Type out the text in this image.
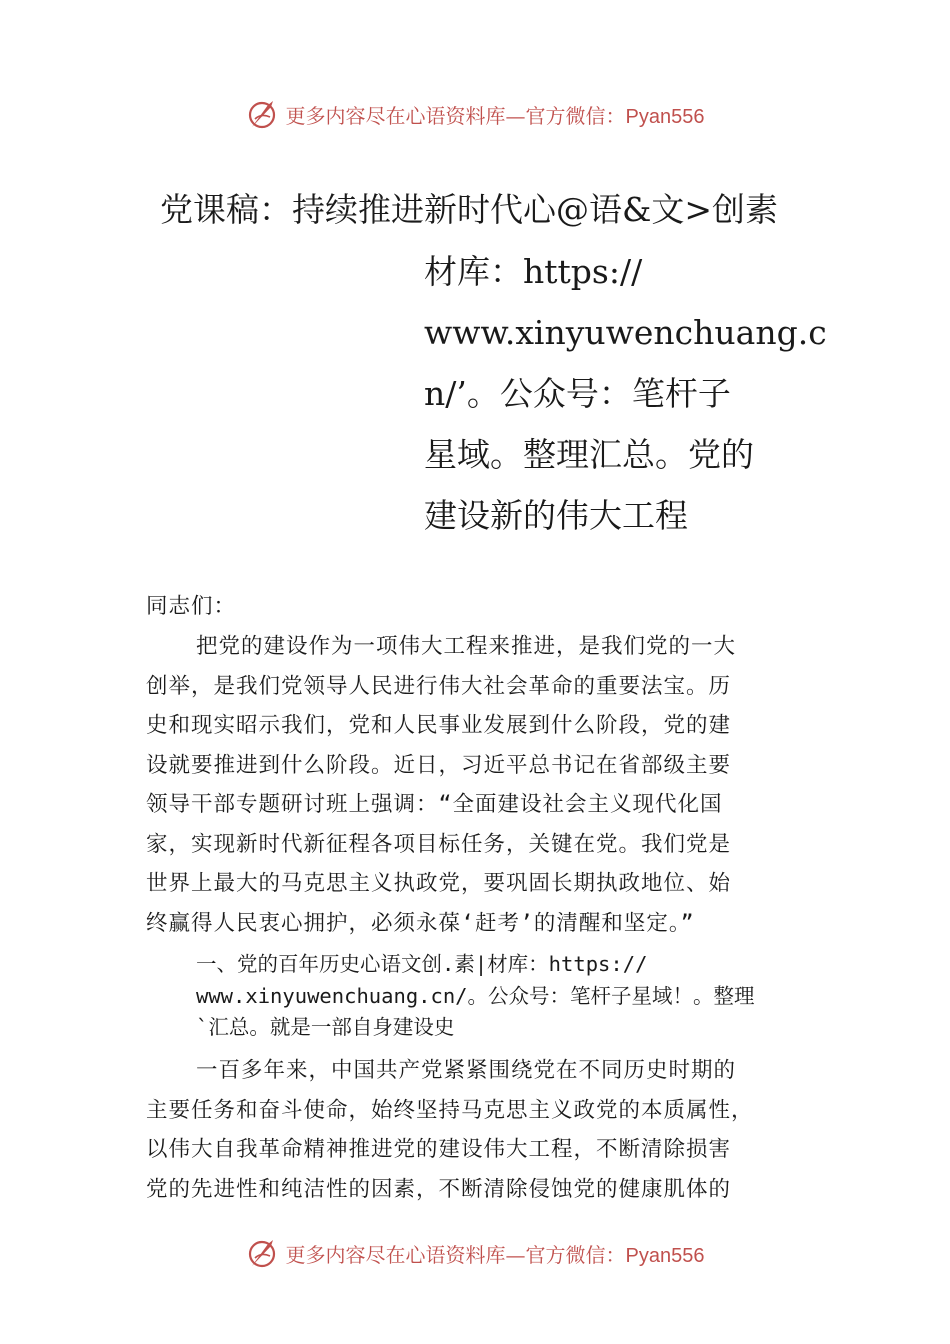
更多内容尽在心语资料库—官方微信：Pyan556
党课稿：持续推进新时代心@语&文>创素
材库：https://
www.xinyuwenchuang.c
n/’。公众号：笔杆子
星域。整理汇总。党的
建设新的伟大工程
同志们：
把党的建设作为一项伟大工程来推进，是我们党的一大
创举，是我们党领导人民进行伟大社会革命的重要法宝。历
史和现实昭示我们，党和人民事业发展到什么阶段，党的建
设就要推进到什么阶段。近日，习近平总书记在省部级主要
领导干部专题研讨班上强调：“全面建设社会主义现代化国
家，实现新时代新征程各项目标任务，关键在党。我们党是
世界上最大的马克思主义执政党，要巩固长期执政地位、始
终赢得人民衷心拥护，必须永葆‘赶考’的清醒和坚定。”
一、党的百年历史心语文创.素|材库：https://
www.xinyuwenchuang.cn/。公众号：笔杆子星域！。整理
`汇总。就是一部自身建设史
一百多年来，中国共产党紧紧围绕党在不同历史时期的
主要任务和奋斗使命，始终坚持马克思主义政党的本质属性，
以伟大自我革命精神推进党的建设伟大工程，不断清除损害
党的先进性和纯洁性的因素，不断清除侵蚀党的健康肌体的
更多内容尽在心语资料库—官方微信：Pyan556
